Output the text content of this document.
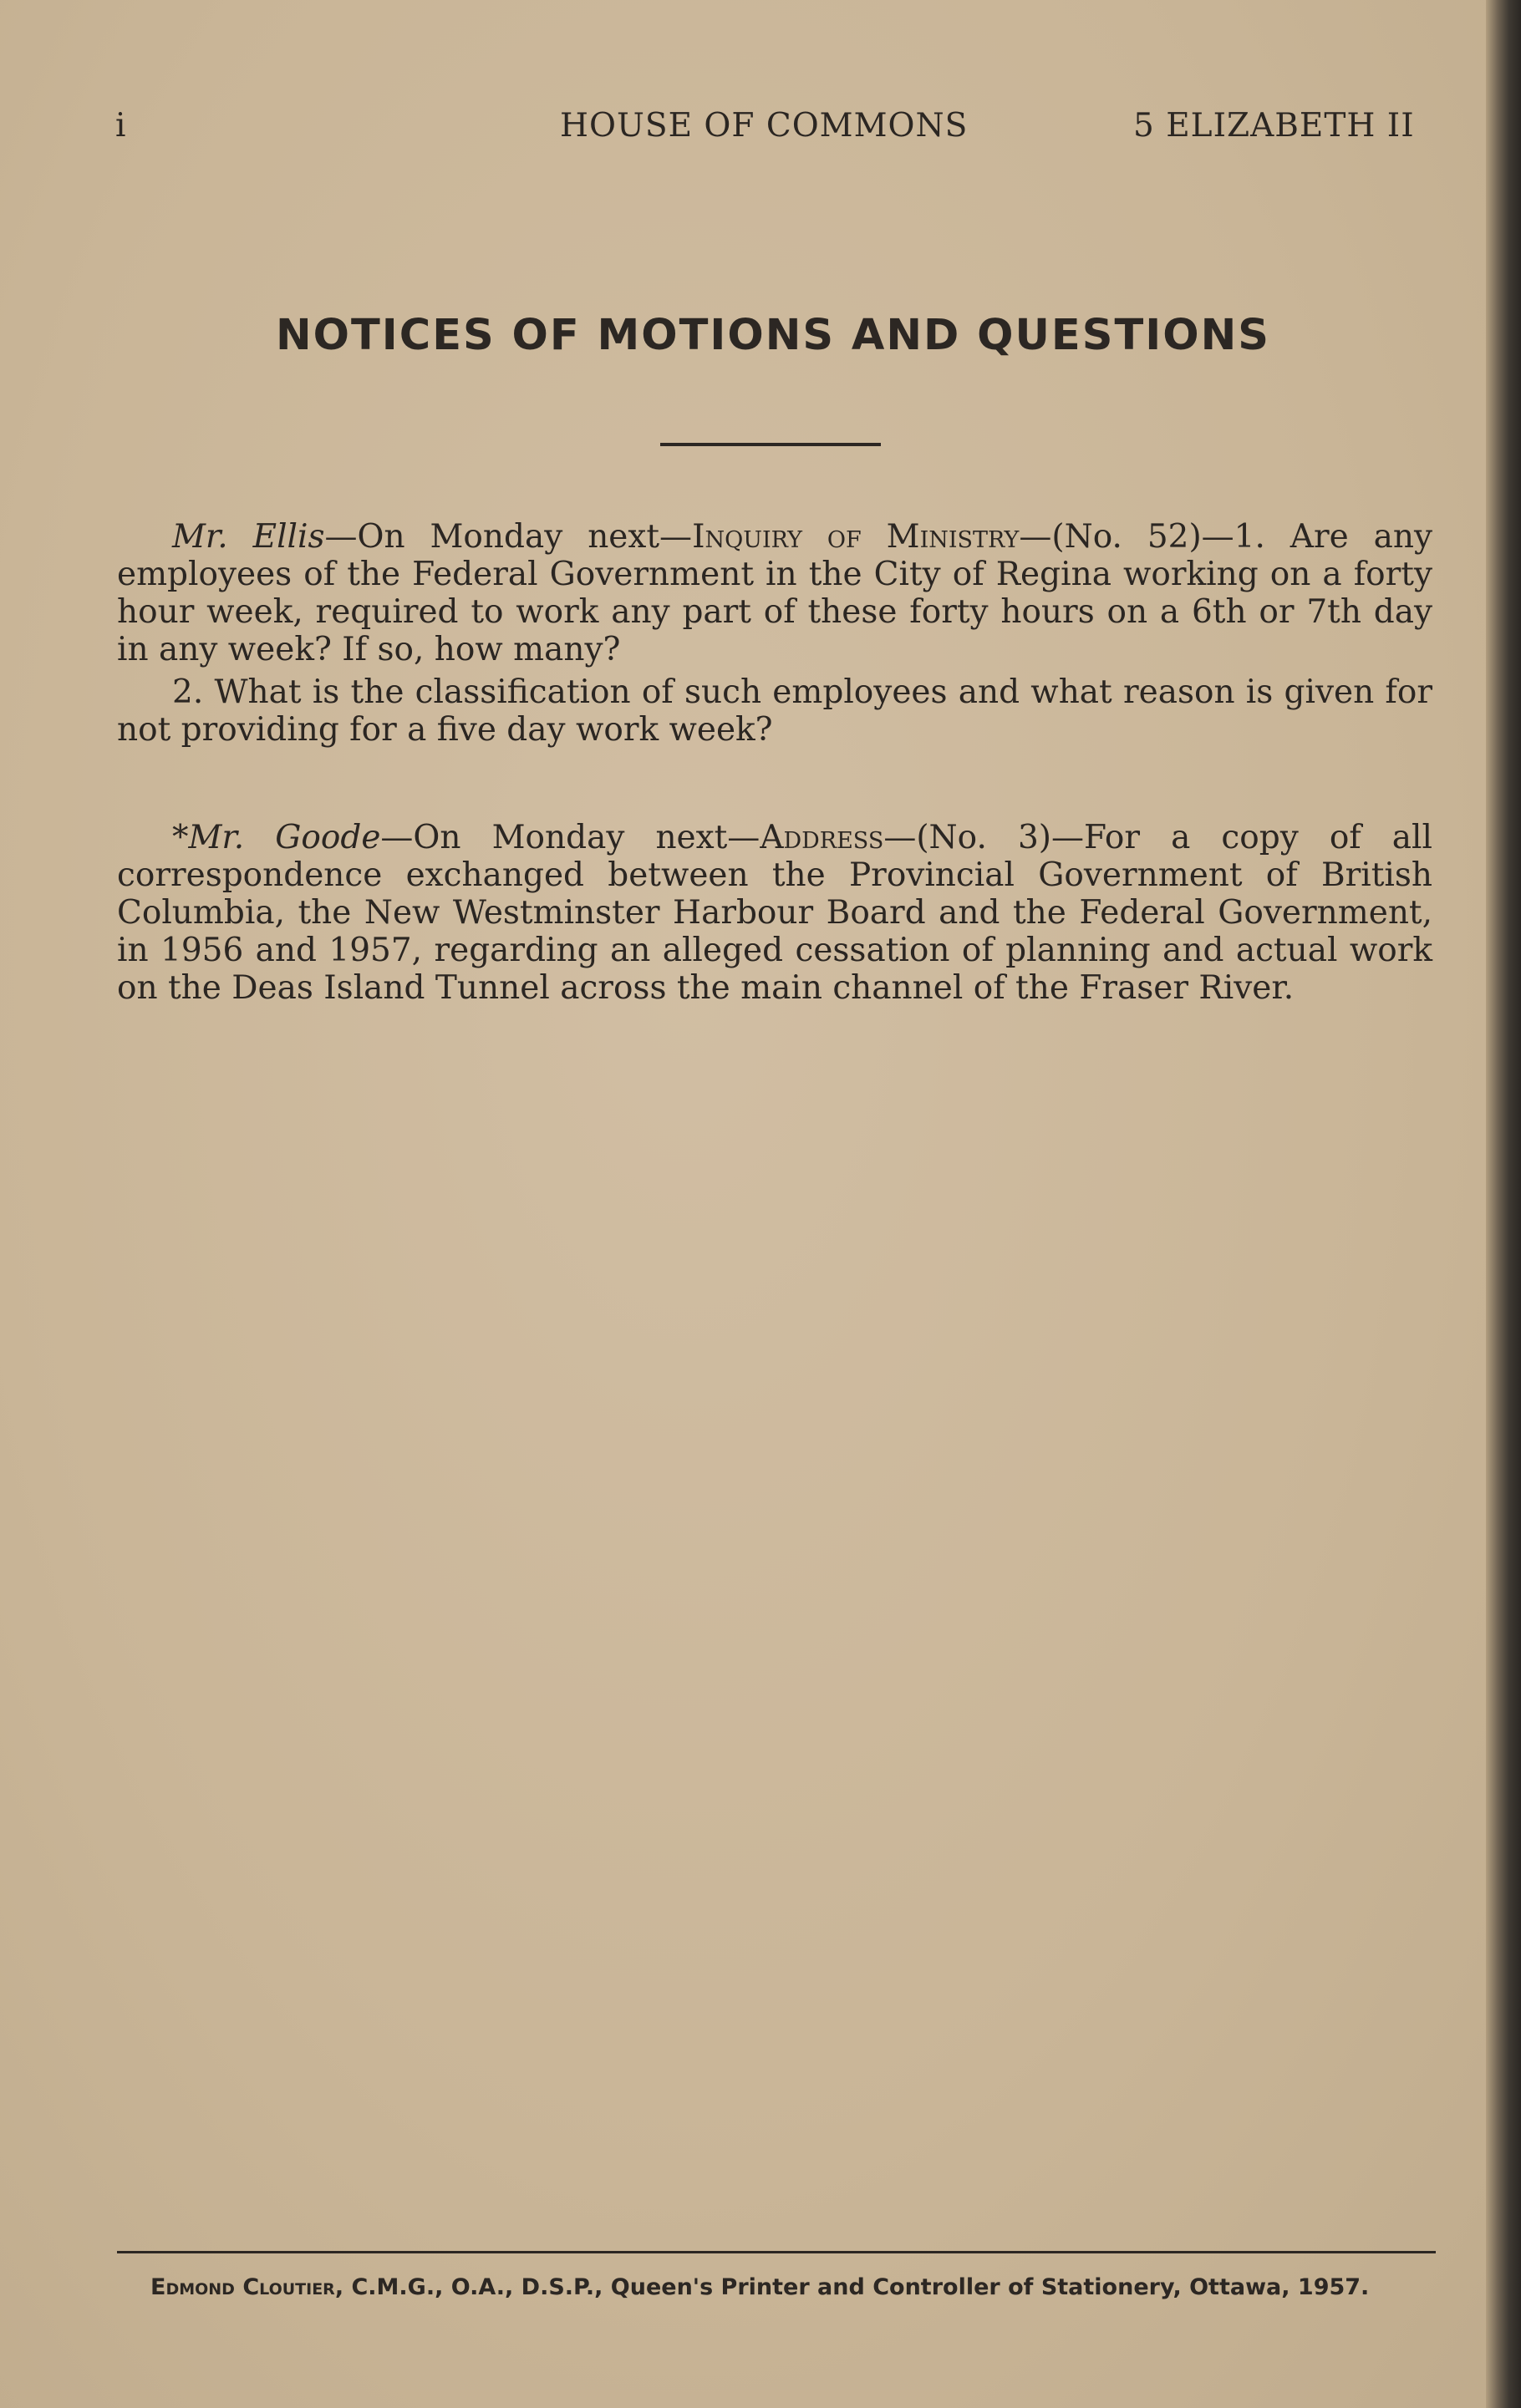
i	HOUSE OF COMMONS	5 ELIZABETH II
NOTICES OF MOTIONS AND QUESTIONS

Mr. Ellis—On Monday next—Inquiry of Ministry—(No. 52)—1. Are any employees of the Federal Government in the City of Regina working on a forty hour week, required to work any part of these forty hours on a 6th or 7th day in any week? If so, how many?

2. What is the classification of such employees and what reason is given for not providing for a five day work week?

*Mr. Goode—On Monday next—Address—(No. 3)—For a copy of all correspondence exchanged between the Provincial Government of British Columbia, the New Westminster Harbour Board and the Federal Government, in 1956 and 1957, regarding an alleged cessation of planning and actual work on the Deas Island Tunnel across the main channel of the Fraser River.

Edmond Cloutier, C.M.G., O.A., D.S.P., Queen's Printer and Controller of Stationery, Ottawa, 1957.
